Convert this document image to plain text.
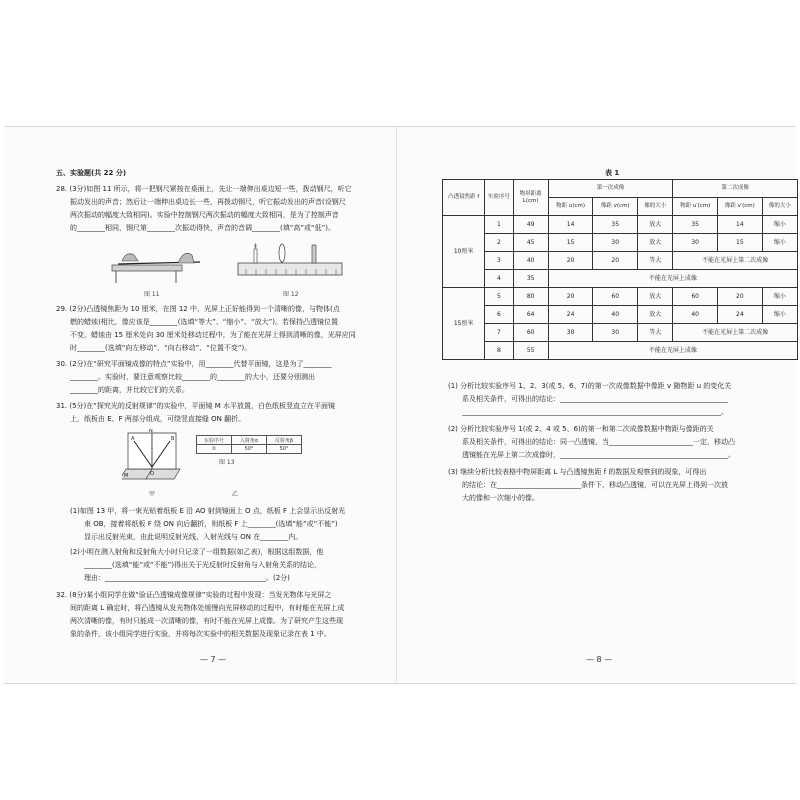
五、实验题(共 22 分)
28. (3分)如图 11 所示，将一把钢尺紧按在桌面上，先让一端伸出桌边短一些，拨动钢尺，听它
振动发出的声音；然后让一端伸出桌边长一些，再拨动钢尺，听它振动发出的声音(设钢尺
两次振动的幅度大致相同)。实验中控制钢尺两次振动的幅度大致相同，是为了控制声音
的________相同，钢尺第________次振动得快，声音的音调________(填“高”或“低”)。
图 11	图 12
29. (2分)凸透镜焦距为 10 厘米，在图 12 中，光屏上正好能得到一个清晰的像，与物体(点
燃的蜡烛)相比，像应该是________(选填“等大”、“缩小”、“放大”)。若保持凸透镜位置
不变，蜡烛由 15 厘米处向 30 厘米处移动过程中，为了能在光屏上得到清晰的像，光屏应同
时________(选填“向左移动”、“向右移动”、“位置不变”)。
30. (2分)在“研究平面镜成像的特点”实验中，用________代替平面镜，这是为了________
________。实验时，要注意观察比较________的________的大小，还要分别测出
________的距离，并比较它们的关系。
31. (5分)在“探究光的反射规律”的实验中，平面镜 M 水平放置，白色纸板竖直立在平面镜
上，纸板由 E、F 两部分组成，可绕竖直接缝 ON 翻折。
A	B
N
O
M
甲
实验序号	入射角α	反射角β
①	50°	50°
乙
图 13
(1)如图 13 甲，将一束光贴着纸板 E 沿 AO 射到镜面上 O 点，纸板 F 上会显示出反射光
束 OB，接着将纸板 F 绕 ON 向后翻折，则纸板 F 上________(选填“能”或“不能”)
显示出反射光束，由此说明反射光线、入射光线与 ON 在________内。
(2)小明在测入射角和反射角大小时只记录了一组数据(如乙表)，根据这组数据，他
________(选填“能”或“不能”)得出关于光反射时反射角与入射角关系的结论，
理由：______________________________________________。(2分)
32. (8分)某小组同学在做“验证凸透镜成像规律”实验的过程中发现：当发光物体与光屏之
间的距离 L 确定时，将凸透镜从发光物体处缓慢向光屏移动的过程中，有时能在光屏上成
两次清晰的像，有时只能成一次清晰的像，有时不能在光屏上成像。为了研究产生这些现
象的条件，该小组同学进行实验，并将每次实验中的相关数据及现象记录在表 1 中。
— 7 —
表 1
凸透镜焦距 f	实验序号	物屏距离 L(cm)	第一次成像			第二次成像		
			物距 u(cm)	像距 v(cm)	像的大小	物距 u′(cm)	像距 v′(cm)	像的大小
10厘米	1	49	14	35	放大	35	14	缩小
	2	45	15	30	放大	30	15	缩小
	3	40	20	20	等大	不能在光屏上第二次成像		
	4	35	不能在光屏上成像					
15厘米	5	80	20	60	放大	60	20	缩小
	6	64	24	40	放大	40	24	缩小
	7	60	30	30	等大	不能在光屏上第二次成像		
	8	55	不能在光屏上成像					
(1) 分析比较实验序号 1、2、3(或 5、6、7)的第一次成像数据中像距 v 随物距 u 的变化关
系及相关条件，可得出的结论：________________________________________________
__________________________________________________________________________。
(2) 分析比较实验序号 1(或 2、4 或 5、6)的第一和第二次成像数据中物距与像距的关
系及相关条件，可得出的结论：同一凸透镜，当________________________一定，移动凸
透镜能在光屏上第二次成像时，________________________________________________。
(3) 继续分析比较表格中物屏距离 L 与凸透镜焦距 f 的数据及观察到的现象，可得出
的结论：在________________________条件下，移动凸透镜，可以在光屏上得到一次放
大的像和一次缩小的像。
— 8 —
